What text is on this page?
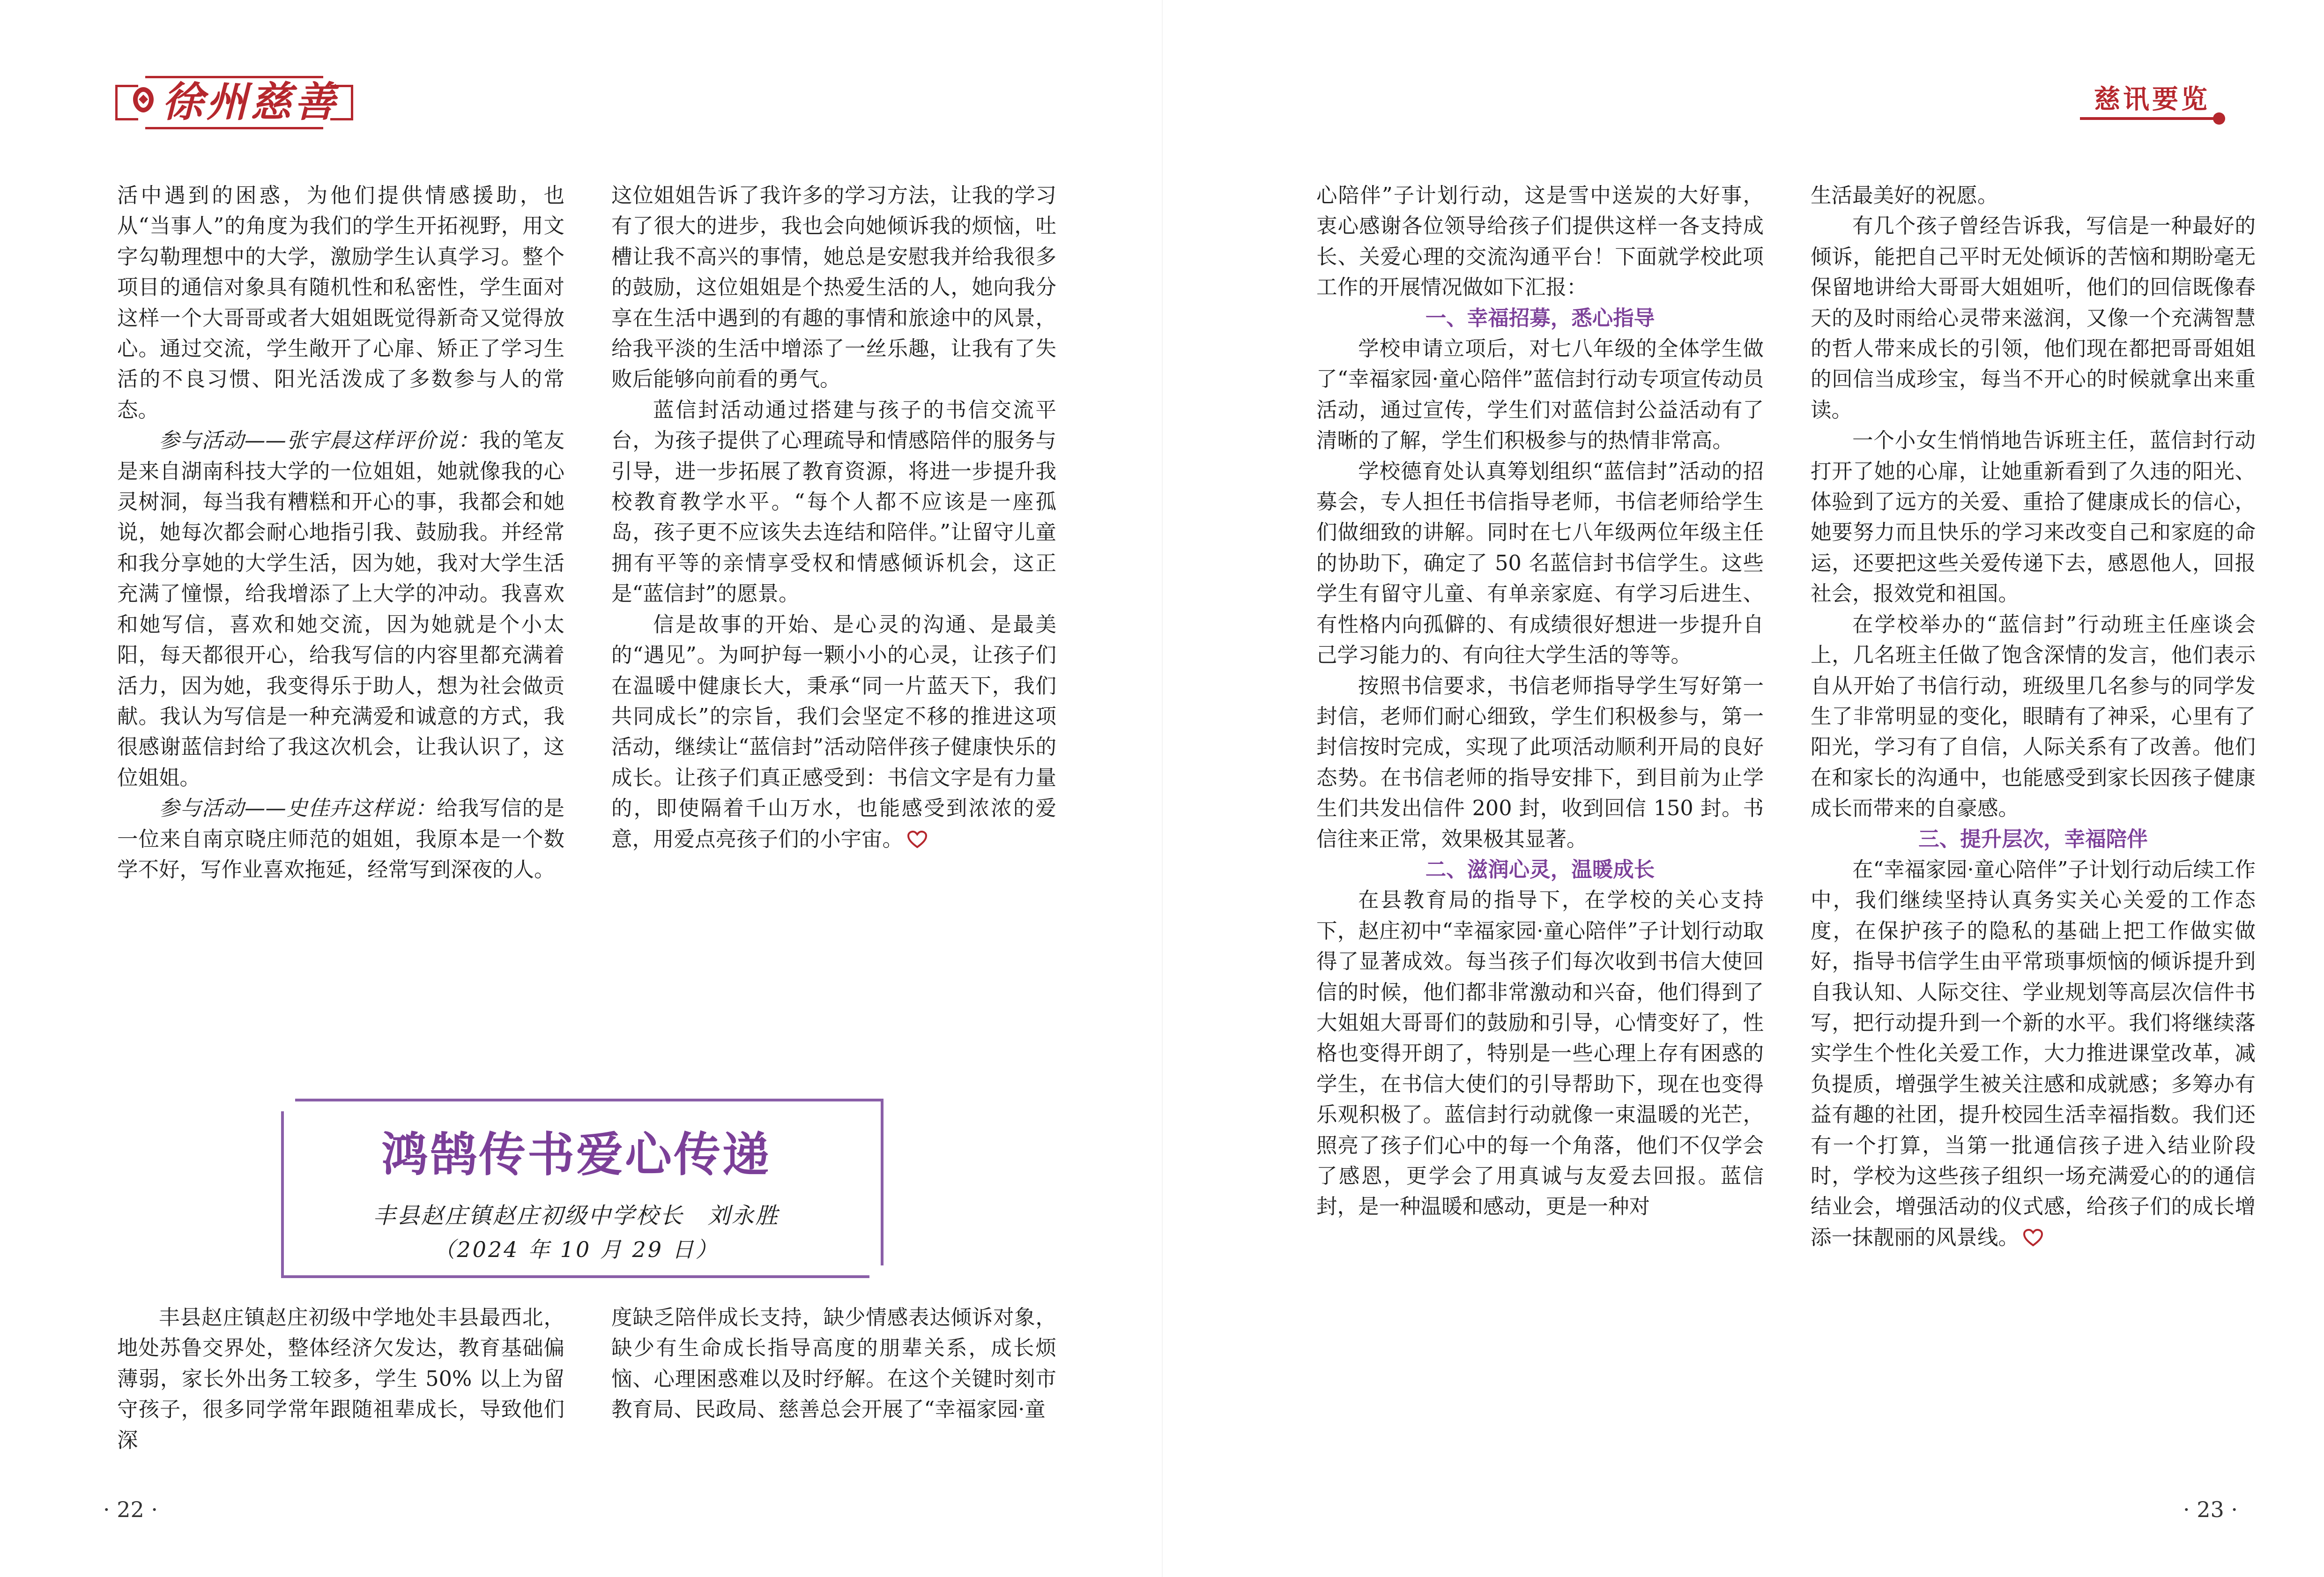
徐州慈善	慈讯要览

活中遇到的困惑，为他们提供情感援助，也从“当事人”的角度为我们的学生开拓视野，用文字勾勒理想中的大学，激励学生认真学习。整个项目的通信对象具有随机性和私密性，学生面对这样一个大哥哥或者大姐姐既觉得新奇又觉得放心。通过交流，学生敞开了心扉、矫正了学习生活的不良习惯、阳光活泼成了多数参与人的常态。

参与活动——张宇晨这样评价说：我的笔友是来自湖南科技大学的一位姐姐，她就像我的心灵树洞，每当我有糟糕和开心的事，我都会和她说，她每次都会耐心地指引我、鼓励我。并经常和我分享她的大学生活，因为她，我对大学生活充满了憧憬，给我增添了上大学的冲动。我喜欢和她写信，喜欢和她交流，因为她就是个小太阳，每天都很开心，给我写信的内容里都充满着活力，因为她，我变得乐于助人，想为社会做贡献。我认为写信是一种充满爱和诚意的方式，我很感谢蓝信封给了我这次机会，让我认识了，这位姐姐。

参与活动——史佳卉这样说：给我写信的是一位来自南京晓庄师范的姐姐，我原本是一个数学不好，写作业喜欢拖延，经常写到深夜的人。

这位姐姐告诉了我许多的学习方法，让我的学习有了很大的进步，我也会向她倾诉我的烦恼，吐槽让我不高兴的事情，她总是安慰我并给我很多的鼓励，这位姐姐是个热爱生活的人，她向我分享在生活中遇到的有趣的事情和旅途中的风景，给我平淡的生活中增添了一丝乐趣，让我有了失败后能够向前看的勇气。

蓝信封活动通过搭建与孩子的书信交流平台，为孩子提供了心理疏导和情感陪伴的服务与引导，进一步拓展了教育资源，将进一步提升我校教育教学水平。“每个人都不应该是一座孤岛，孩子更不应该失去连结和陪伴。”让留守儿童拥有平等的亲情享受权和情感倾诉机会，这正是“蓝信封”的愿景。

信是故事的开始、是心灵的沟通、是最美的“遇见”。为呵护每一颗小小的心灵，让孩子们在温暖中健康长大，秉承“同一片蓝天下，我们共同成长”的宗旨，我们会坚定不移的推进这项活动，继续让“蓝信封”活动陪伴孩子健康快乐的成长。让孩子们真正感受到：书信文字是有力量的，即使隔着千山万水，也能感受到浓浓的爱意，用爱点亮孩子们的小宇宙。

鸿鹄传书爱心传递
丰县赵庄镇赵庄初级中学校长　刘永胜
（2024 年 10 月 29 日）

丰县赵庄镇赵庄初级中学地处丰县最西北，地处苏鲁交界处，整体经济欠发达，教育基础偏薄弱，家长外出务工较多，学生 50% 以上为留守孩子，很多同学常年跟随祖辈成长，导致他们深

度缺乏陪伴成长支持，缺少情感表达倾诉对象，缺少有生命成长指导高度的朋辈关系，成长烦恼、心理困惑难以及时纾解。在这个关键时刻市教育局、民政局、慈善总会开展了“幸福家园·童

心陪伴”子计划行动，这是雪中送炭的大好事，衷心感谢各位领导给孩子们提供这样一各支持成长、关爱心理的交流沟通平台！下面就学校此项工作的开展情况做如下汇报：

一、幸福招募，悉心指导

学校申请立项后，对七八年级的全体学生做了“幸福家园·童心陪伴”蓝信封行动专项宣传动员活动，通过宣传，学生们对蓝信封公益活动有了清晰的了解，学生们积极参与的热情非常高。

学校德育处认真筹划组织“蓝信封”活动的招募会，专人担任书信指导老师，书信老师给学生们做细致的讲解。同时在七八年级两位年级主任的协助下，确定了 50 名蓝信封书信学生。这些学生有留守儿童、有单亲家庭、有学习后进生、有性格内向孤僻的、有成绩很好想进一步提升自己学习能力的、有向往大学生活的等等。

按照书信要求，书信老师指导学生写好第一封信，老师们耐心细致，学生们积极参与，第一封信按时完成，实现了此项活动顺利开局的良好态势。在书信老师的指导安排下，到目前为止学生们共发出信件 200 封，收到回信 150 封。书信往来正常，效果极其显著。

二、滋润心灵，温暖成长

在县教育局的指导下，在学校的关心支持下，赵庄初中“幸福家园·童心陪伴”子计划行动取得了显著成效。每当孩子们每次收到书信大使回信的时候，他们都非常激动和兴奋，他们得到了大姐姐大哥哥们的鼓励和引导，心情变好了，性格也变得开朗了，特别是一些心理上存有困惑的学生，在书信大使们的引导帮助下，现在也变得乐观积极了。蓝信封行动就像一束温暖的光芒，照亮了孩子们心中的每一个角落，他们不仅学会了感恩，更学会了用真诚与友爱去回报。蓝信封，是一种温暖和感动，更是一种对

生活最美好的祝愿。

有几个孩子曾经告诉我，写信是一种最好的倾诉，能把自己平时无处倾诉的苦恼和期盼毫无保留地讲给大哥哥大姐姐听，他们的回信既像春天的及时雨给心灵带来滋润，又像一个充满智慧的哲人带来成长的引领，他们现在都把哥哥姐姐的回信当成珍宝，每当不开心的时候就拿出来重读。

一个小女生悄悄地告诉班主任，蓝信封行动打开了她的心扉，让她重新看到了久违的阳光、体验到了远方的关爱、重拾了健康成长的信心，她要努力而且快乐的学习来改变自己和家庭的命运，还要把这些关爱传递下去，感恩他人，回报社会，报效党和祖国。

在学校举办的“蓝信封”行动班主任座谈会上，几名班主任做了饱含深情的发言，他们表示自从开始了书信行动，班级里几名参与的同学发生了非常明显的变化，眼睛有了神采，心里有了阳光，学习有了自信，人际关系有了改善。他们在和家长的沟通中，也能感受到家长因孩子健康成长而带来的自豪感。

三、提升层次，幸福陪伴

在“幸福家园·童心陪伴”子计划行动后续工作中，我们继续坚持认真务实关心关爱的工作态度，在保护孩子的隐私的基础上把工作做实做好，指导书信学生由平常琐事烦恼的倾诉提升到自我认知、人际交往、学业规划等高层次信件书写，把行动提升到一个新的水平。我们将继续落实学生个性化关爱工作，大力推进课堂改革，减负提质，增强学生被关注感和成就感；多筹办有益有趣的社团，提升校园生活幸福指数。我们还有一个打算，当第一批通信孩子进入结业阶段时，学校为这些孩子组织一场充满爱心的的通信结业会，增强活动的仪式感，给孩子们的成长增添一抹靓丽的风景线。

· 22 ·	· 23 ·
